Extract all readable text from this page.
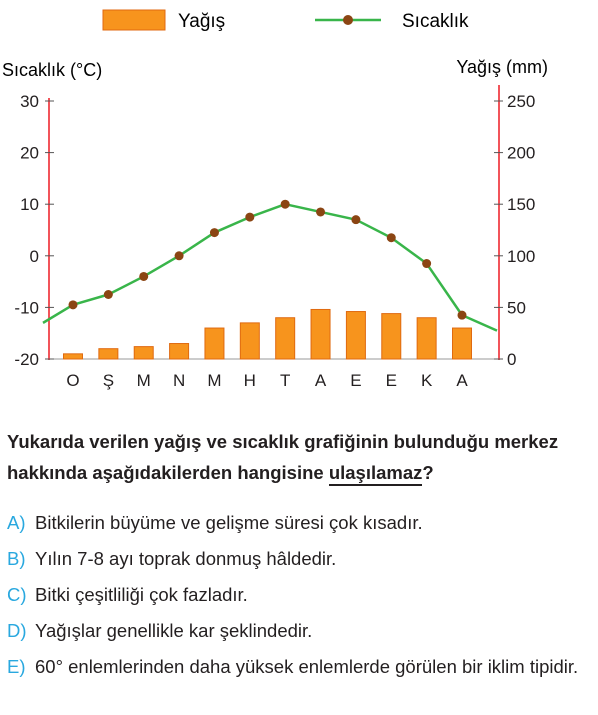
Yağış	Sıcaklık
Sıcaklık (°C)	Yağış (mm)
30
20
10
0
-10
-20
250
200
150
100
50
0
O Ş M N M H T A E E K A
Yukarıda verilen yağış ve sıcaklık grafiğinin bulunduğu merkez hakkında aşağıdakilerden hangisine ulaşılamaz?
A) Bitkilerin büyüme ve gelişme süresi çok kısadır.
B) Yılın 7-8 ayı toprak donmuş hâldedir.
C) Bitki çeşitliliği çok fazladır.
D) Yağışlar genellikle kar şeklindedir.
E) 60° enlemlerinden daha yüksek enlemlerde görülen bir iklim tipidir.
